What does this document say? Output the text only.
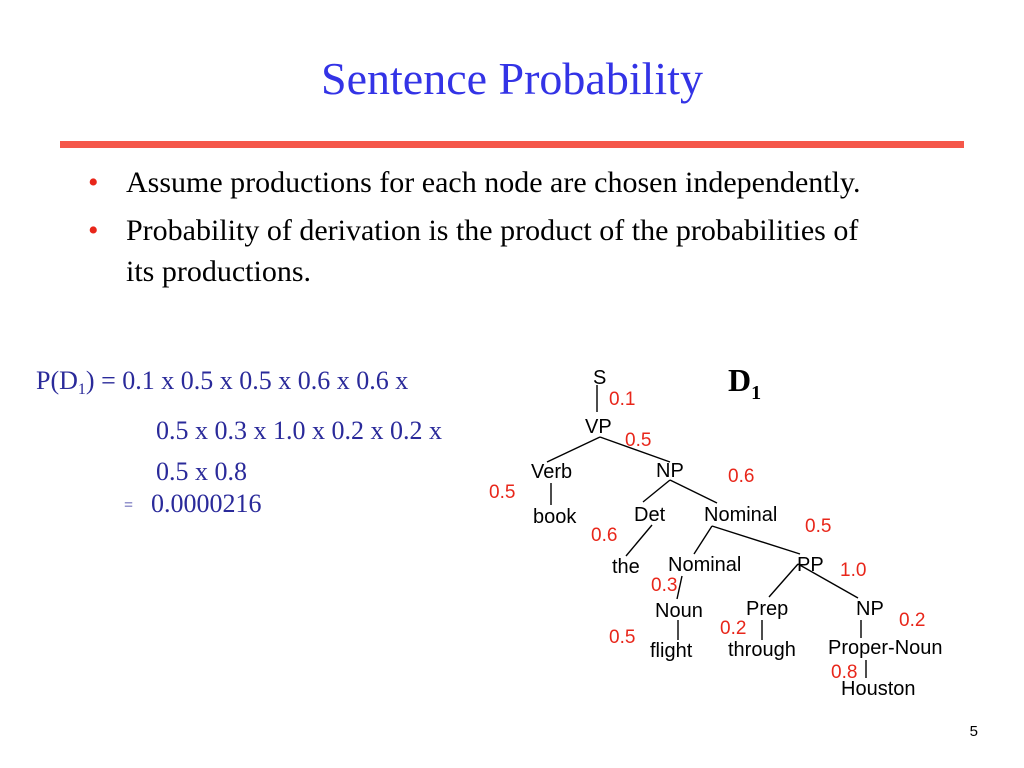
Sentence Probability
• Assume productions for each node are chosen independently.
• Probability of derivation is the product of the probabilities of its productions.
$P(D_1) = 0.1$ x 0.5 x 0.5 x 0.6 x 0.6 x
0.5 x 0.3 x 1.0 x 0.2 x 0.2 x
0.5 x 0.8
= 0.0000216
$D_1$
S
VP
Verb	NP
book	Det Nominal
the Nominal	PP
Noun Prep	NP
flight through Proper-Noun
Houston
0.1
0.5
0.6
0.5
0.5
0.6
1.0
0.3
0.2
0.2
0.5
0.8
5
